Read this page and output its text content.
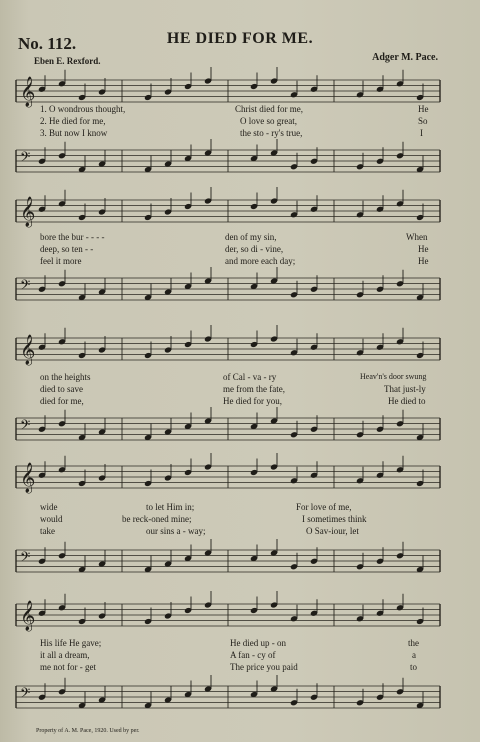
No. 112.	HE DIED FOR ME.
Eben E. Rexford.	Adger M. Pace.
𝄞
1. O wondrous thought,	Christ died for me,	He
2. He died for me,	O love so great,	So
3. But now I know	the sto - ry's true,	I
𝄢
𝄞
bore the bur - - - -	den of my sin,	When
deep, so ten - -	der, so di - vine,	He
feel it more	and more each day;	He
𝄢
𝄞
on the heights	of Cal - va - ry	Heav'n's door swung
died to save	me from the fate,	That just-ly
died for me,	He died for you,	He died to
𝄢
𝄞
wide	to let Him in;	For love of me,
would	be reck-oned mine;	I sometimes think
take	our sins a - way;	O Sav-iour, let
𝄢
𝄞
His life He gave;	He died up - on	the
it all a dream,	A fan - cy of	a
me not for - get	The price you paid	to
𝄢
Property of A. M. Pace, 1920. Used by per.
